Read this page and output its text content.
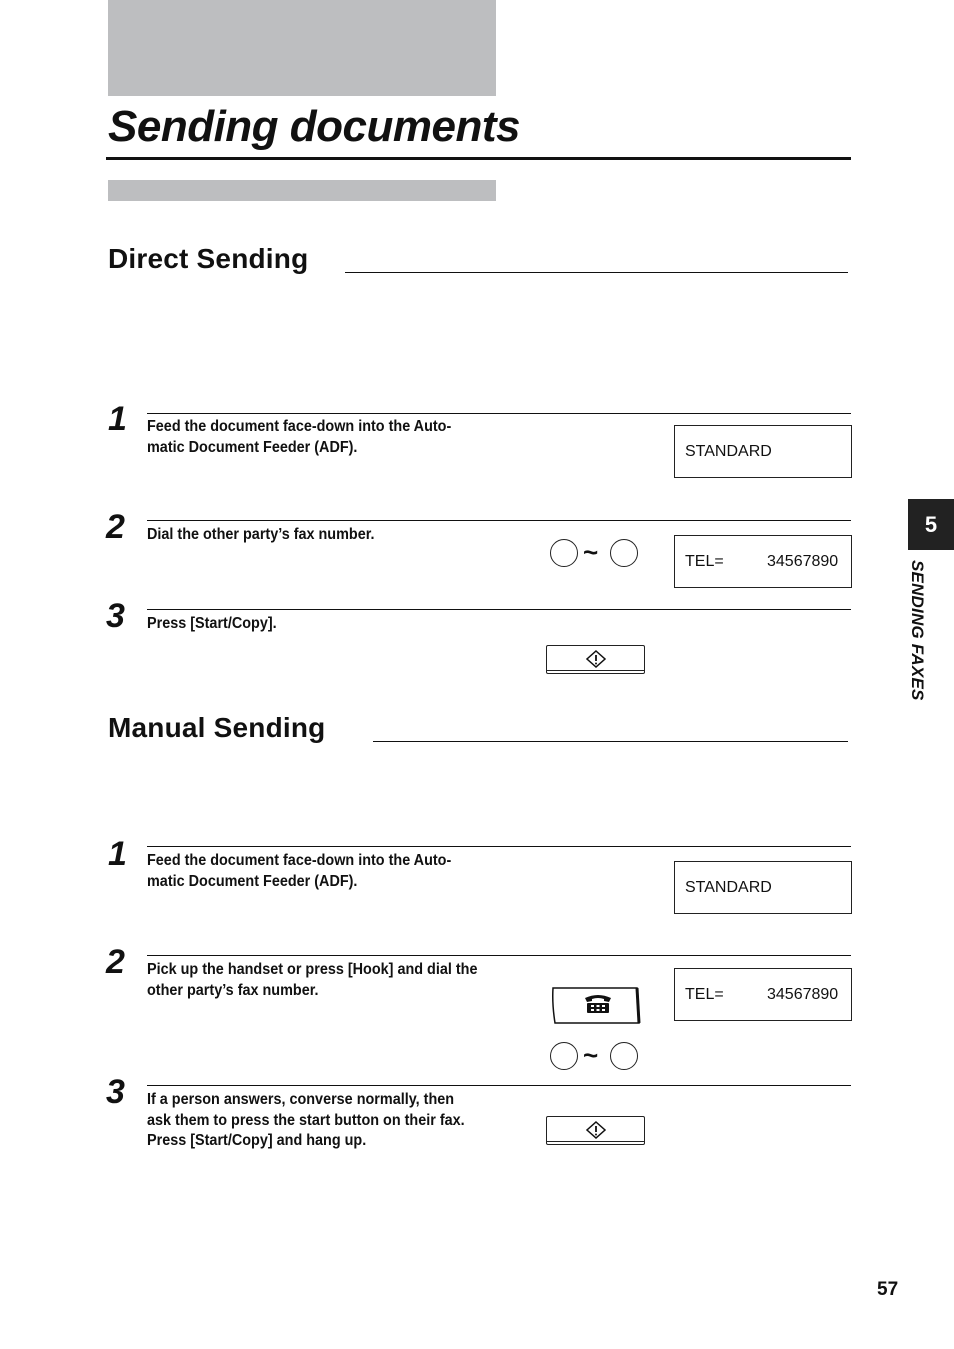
Sending documents
Direct Sending
1	Feed the document face-down into the Auto-
matic Document Feeder (ADF).	STANDARD
2	Dial the other party’s fax number.
~	TEL=	34567890
3	Press [Start/Copy].
Manual Sending
1	Feed the document face-down into the Auto-
matic Document Feeder (ADF).	STANDARD
2	Pick up the handset or press [Hook] and dial the
other party’s fax number.	TEL=	34567890
~
3	If a person answers, converse normally, then
ask them to press the start button on their fax.
Press [Start/Copy] and hang up.
5
SENDING FAXES
57
